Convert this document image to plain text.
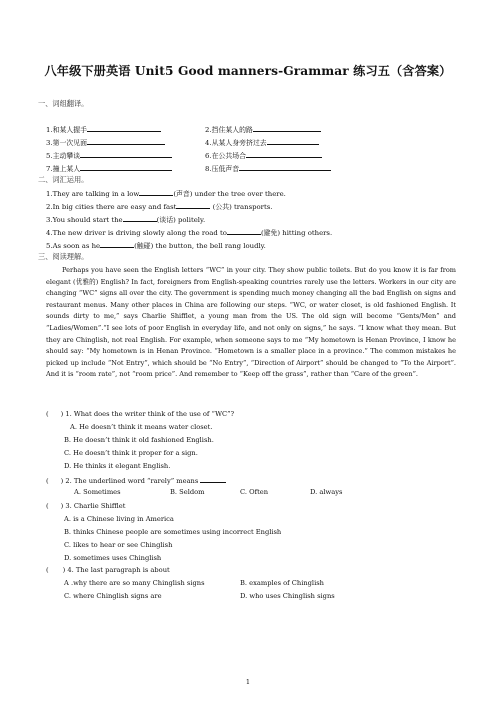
八年级下册英语 Unit5 Good manners-Grammar 练习五（含答案）
一、词组翻译。
1.和某人握手	2.挡住某人的路
3.第一次见面	4.从某人身旁挤过去
5.主动攀谈	6.在公共场合
7.撞上某人	8.压低声音
二、词汇运用。
1.They are talking in a low	(声音) under the tree over there.
2.In big cities there are easy and fast	(公共) transports.
3.You should start the	(谈话) politely.
4.The new driver is driving slowly along the road to	(避免) hitting others.
5.As soon as he	(触碰) the button, the bell rang loudly.
三、阅读理解。
Perhaps you have seen the English letters “WC” in your city. They show public toilets. But do you know it is far from elegant (优雅的) English? In fact, foreigners from English-speaking countries rarely use the letters. Workers in our city are changing “WC” signs all over the city. The government is spending much money changing all the bad English on signs and restaurant menus. Many other places in China are following our steps. “WC, or water closet, is old fashioned English. It sounds dirty to me,” says Charlie Shifflet, a young man from the US. The old sign will become “Gents/Men” and “Ladies/Women”.“I see lots of poor English in everyday life, and not only on signs,” he says. “I know what they mean. But they are Chinglish, not real English. For example, when someone says to me “My hometown is Henan Province, I know he should say: “My hometown is in Henan Province. “Hometown is a smaller place in a province.” The common mistakes he picked up include “Not Entry”, which should be “No Entry”, “Direction of Airport” should be changed to “To the Airport”. And it is “room rate”, not “room price”. And remember to “Keep off the grass”, rather than “Care of the green”.
( ) 1. What does the writer think of the use of “WC”?
A. He doesn’t think it means water closet.
B. He doesn’t think it old fashioned English.
C. He doesn’t think it proper for a sign.
D. He thinks it elegant English.
( ) 2. The underlined word “rarely” means
A. Sometimes	B. Seldom	C. Often	D. always
( ) 3. Charlie Shifflet
A. is a Chinese living in America
B. thinks Chinese people are sometimes using incorrect English
C. likes to hear or see Chinglish
D. sometimes uses Chinglish
( ) 4. The last paragraph is about
A .why there are so many Chinglish signs	B. examples of Chinglish
C. where Chinglish signs are	D. who uses Chinglish signs
1
